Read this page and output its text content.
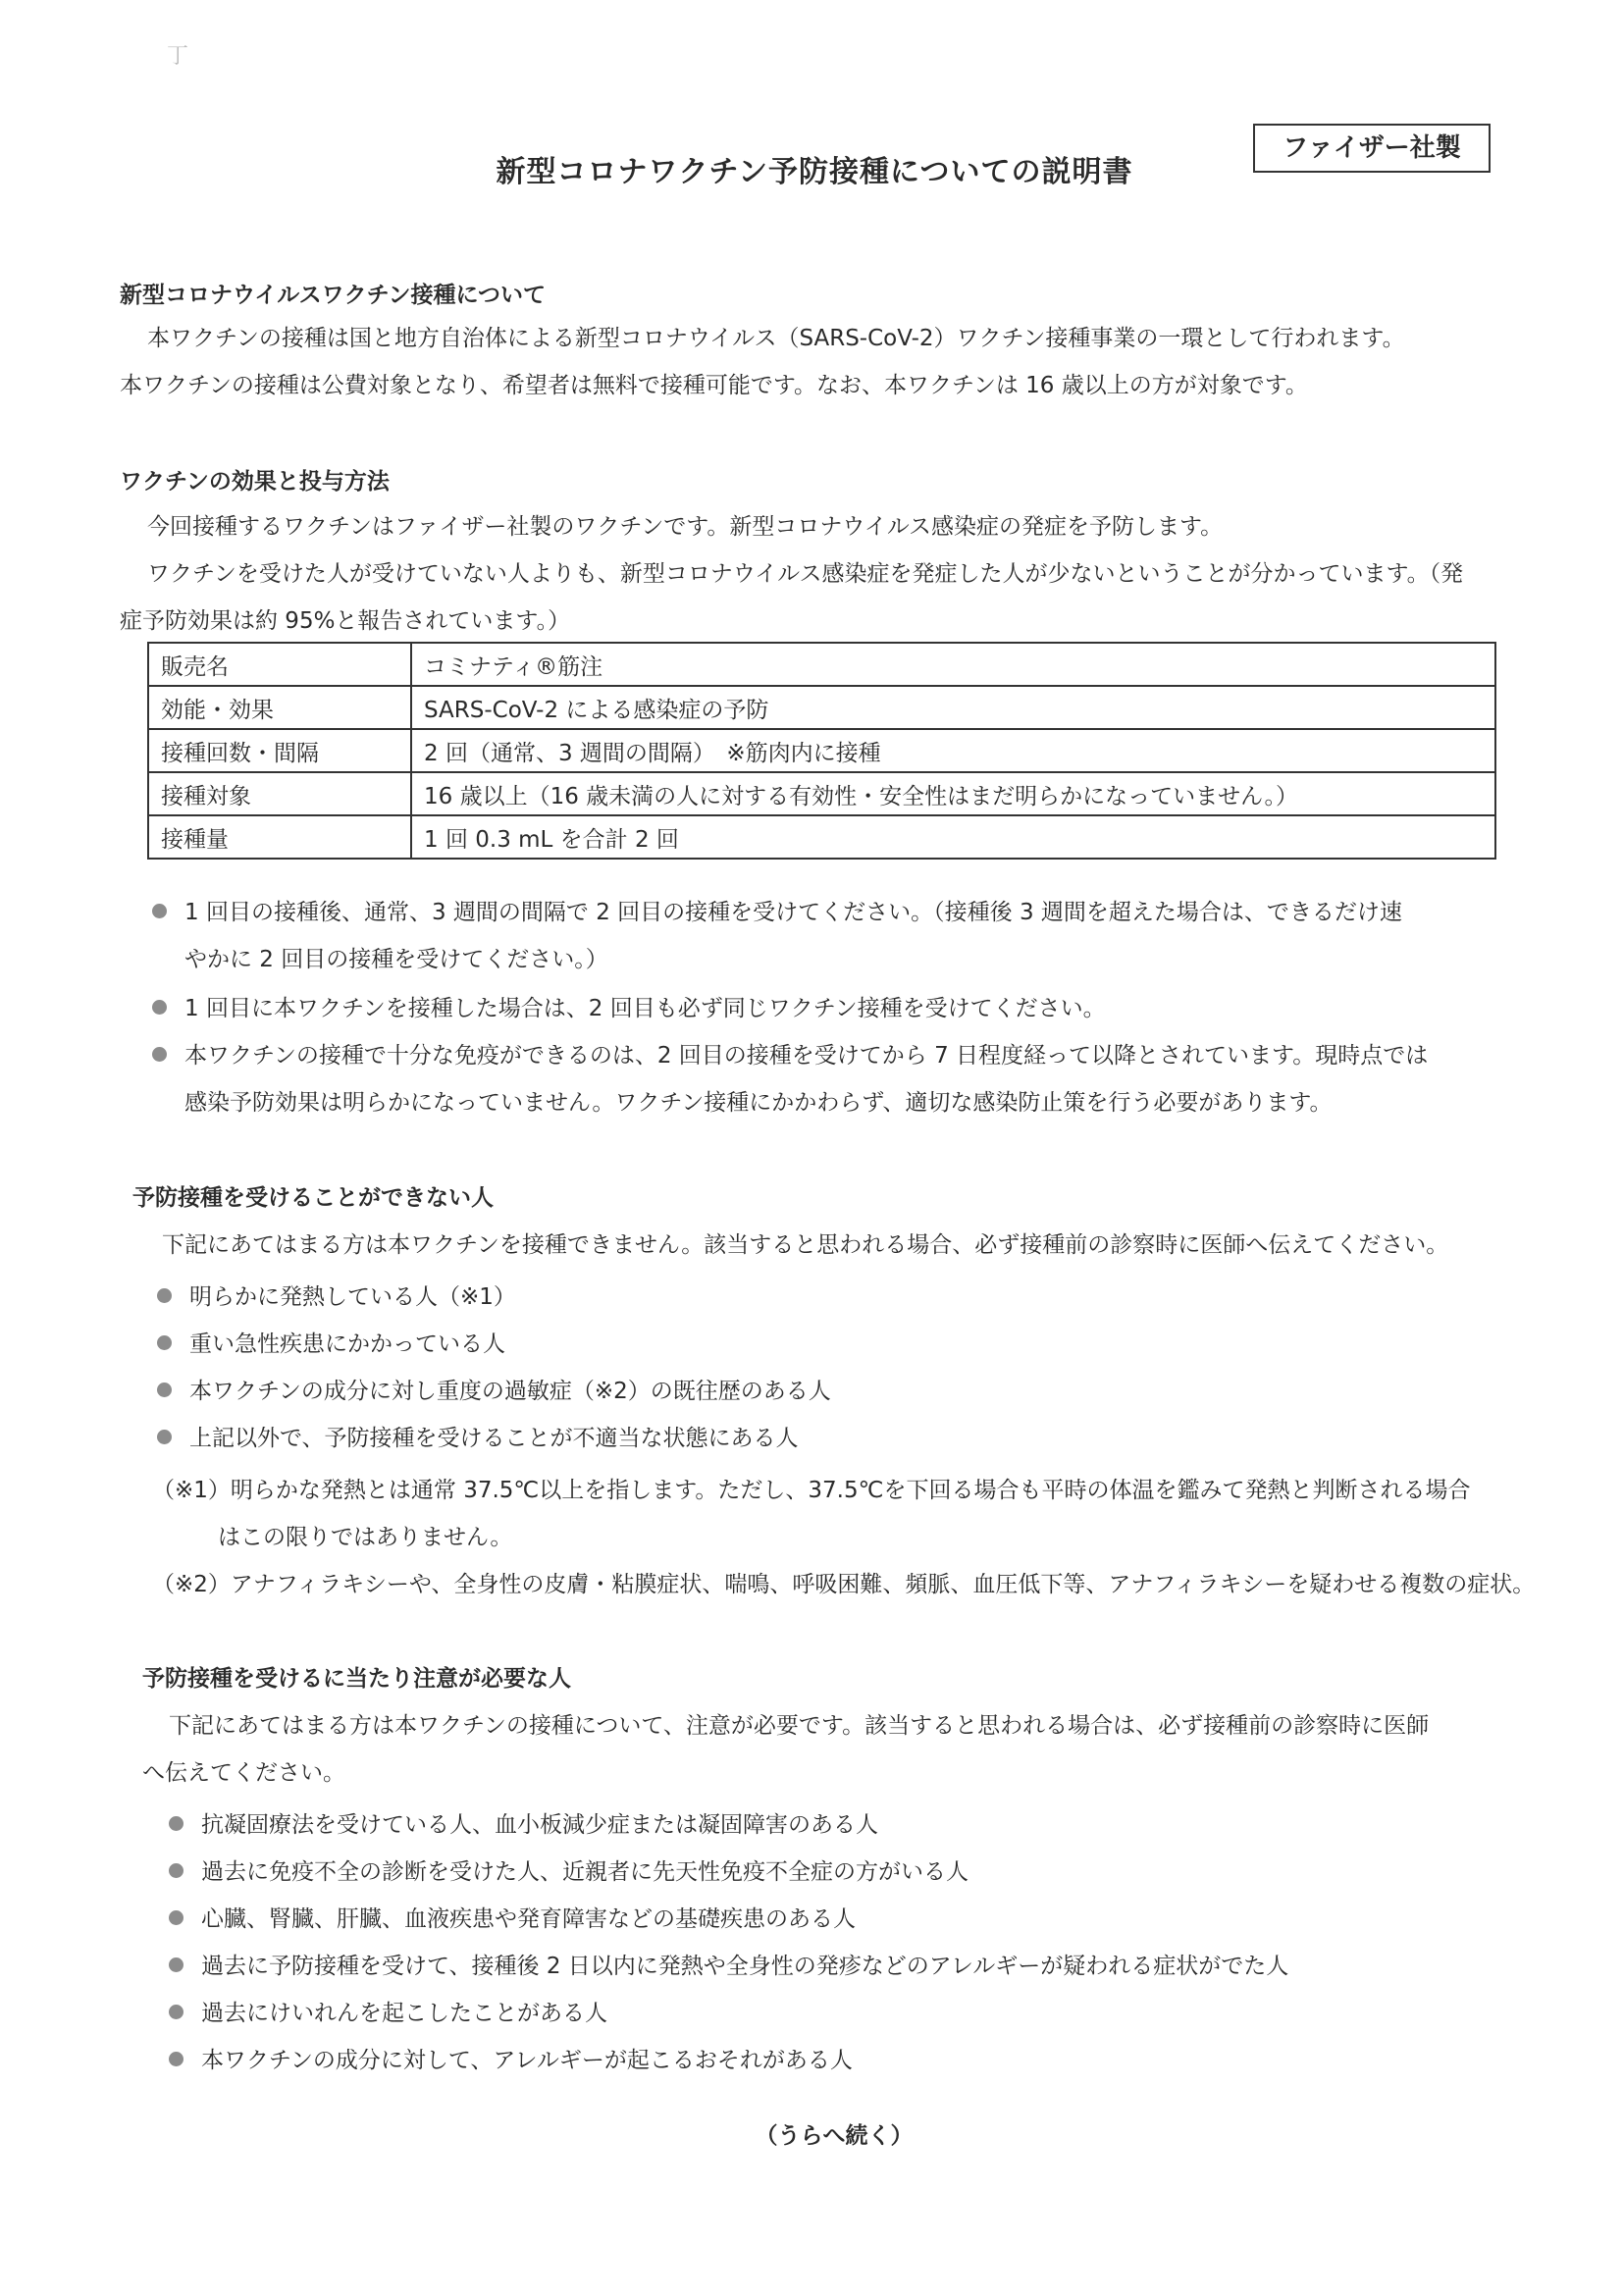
丁
新型コロナワクチン予防接種についての説明書
ファイザー社製
新型コロナウイルスワクチン接種について
本ワクチンの接種は国と地方自治体による新型コロナウイルス（SARS-CoV-2）ワクチン接種事業の一環として行われます。
本ワクチンの接種は公費対象となり、希望者は無料で接種可能です。なお、本ワクチンは 16 歳以上の方が対象です。
ワクチンの効果と投与方法
今回接種するワクチンはファイザー社製のワクチンです。新型コロナウイルス感染症の発症を予防します。
ワクチンを受けた人が受けていない人よりも、新型コロナウイルス感染症を発症した人が少ないということが分かっています。（発
症予防効果は約 95%と報告されています。）
販売名	コミナティ®筋注
効能・効果	SARS-CoV-2 による感染症の予防
接種回数・間隔	2 回（通常、3 週間の間隔）　※筋肉内に接種
接種対象	16 歳以上（16 歳未満の人に対する有効性・安全性はまだ明らかになっていません。）
接種量	1 回 0.3 mL を合計 2 回
1 回目の接種後、通常、3 週間の間隔で 2 回目の接種を受けてください。（接種後 3 週間を超えた場合は、できるだけ速
やかに 2 回目の接種を受けてください。）
1 回目に本ワクチンを接種した場合は、2 回目も必ず同じワクチン接種を受けてください。
本ワクチンの接種で十分な免疫ができるのは、2 回目の接種を受けてから 7 日程度経って以降とされています。現時点では
感染予防効果は明らかになっていません。ワクチン接種にかかわらず、適切な感染防止策を行う必要があります。
予防接種を受けることができない人
下記にあてはまる方は本ワクチンを接種できません。該当すると思われる場合、必ず接種前の診察時に医師へ伝えてください。
明らかに発熱している人（※1）
重い急性疾患にかかっている人
本ワクチンの成分に対し重度の過敏症（※2）の既往歴のある人
上記以外で、予防接種を受けることが不適当な状態にある人
（※1）明らかな発熱とは通常 37.5℃以上を指します。ただし、37.5℃を下回る場合も平時の体温を鑑みて発熱と判断される場合
はこの限りではありません。
（※2）アナフィラキシーや、全身性の皮膚・粘膜症状、喘鳴、呼吸困難、頻脈、血圧低下等、アナフィラキシーを疑わせる複数の症状。
予防接種を受けるに当たり注意が必要な人
下記にあてはまる方は本ワクチンの接種について、注意が必要です。該当すると思われる場合は、必ず接種前の診察時に医師
へ伝えてください。
抗凝固療法を受けている人、血小板減少症または凝固障害のある人
過去に免疫不全の診断を受けた人、近親者に先天性免疫不全症の方がいる人
心臓、腎臓、肝臓、血液疾患や発育障害などの基礎疾患のある人
過去に予防接種を受けて、接種後 2 日以内に発熱や全身性の発疹などのアレルギーが疑われる症状がでた人
過去にけいれんを起こしたことがある人
本ワクチンの成分に対して、アレルギーが起こるおそれがある人
（うらへ続く）
